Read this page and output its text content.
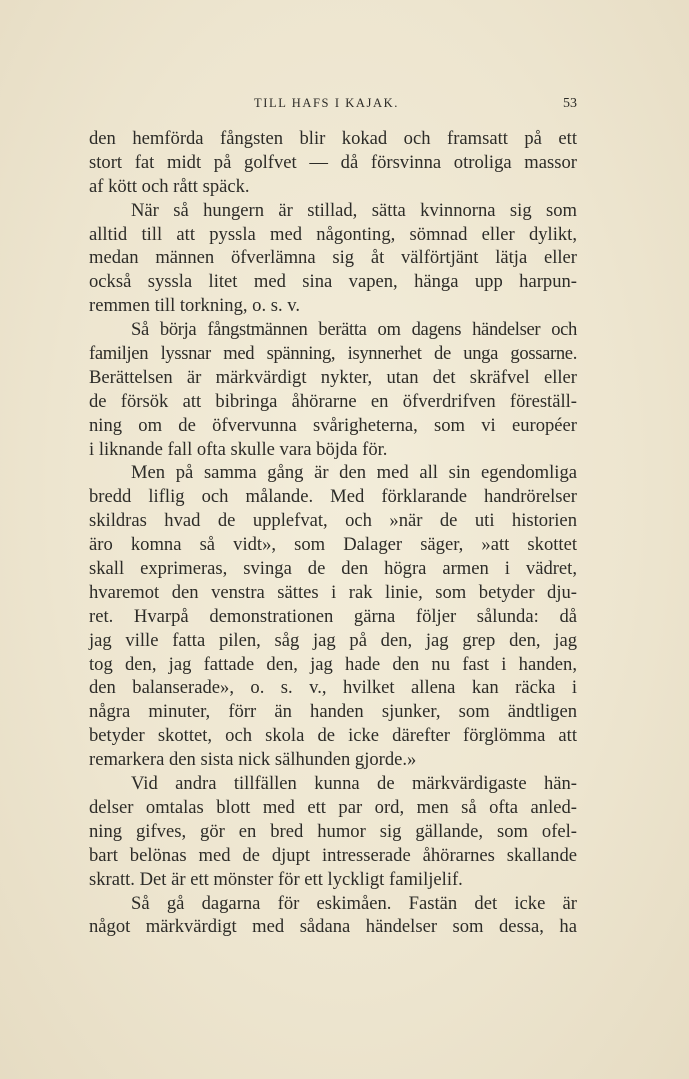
TILL HAFS I KAJAK.	53
den hemförda fångsten blir kokad och framsatt på ett
stort fat midt på golfvet — då försvinna otroliga massor
af kött och rått späck.
När så hungern är stillad, sätta kvinnorna sig som
alltid till att pyssla med någonting, sömnad eller dylikt,
medan männen öfverlämna sig åt välförtjänt lätja eller
också syssla litet med sina vapen, hänga upp harpun-
remmen till torkning, o. s. v.
Så börja fångstmännen berätta om dagens händelser och
familjen lyssnar med spänning, isynnerhet de unga gossarne.
Berättelsen är märkvärdigt nykter, utan det skräfvel eller
de försök att bibringa åhörarne en öfverdrifven föreställ-
ning om de öfvervunna svårigheterna, som vi européer
i liknande fall ofta skulle vara böjda för.
Men på samma gång är den med all sin egendomliga
bredd liflig och målande. Med förklarande handrörelser
skildras hvad de upplefvat, och »när de uti historien
äro komna så vidt», som Dalager säger, »att skottet
skall exprimeras, svinga de den högra armen i vädret,
hvaremot den venstra sättes i rak linie, som betyder dju-
ret. Hvarpå demonstrationen gärna följer sålunda: då
jag ville fatta pilen, såg jag på den, jag grep den, jag
tog den, jag fattade den, jag hade den nu fast i handen,
den balanserade», o. s. v., hvilket allena kan räcka i
några minuter, förr än handen sjunker, som ändtligen
betyder skottet, och skola de icke därefter förglömma att
remarkera den sista nick sälhunden gjorde.»
Vid andra tillfällen kunna de märkvärdigaste hän-
delser omtalas blott med ett par ord, men så ofta anled-
ning gifves, gör en bred humor sig gällande, som ofel-
bart belönas med de djupt intresserade åhörarnes skallande
skratt. Det är ett mönster för ett lyckligt familjelif.
Så gå dagarna för eskimåen. Fastän det icke är
något märkvärdigt med sådana händelser som dessa, ha
